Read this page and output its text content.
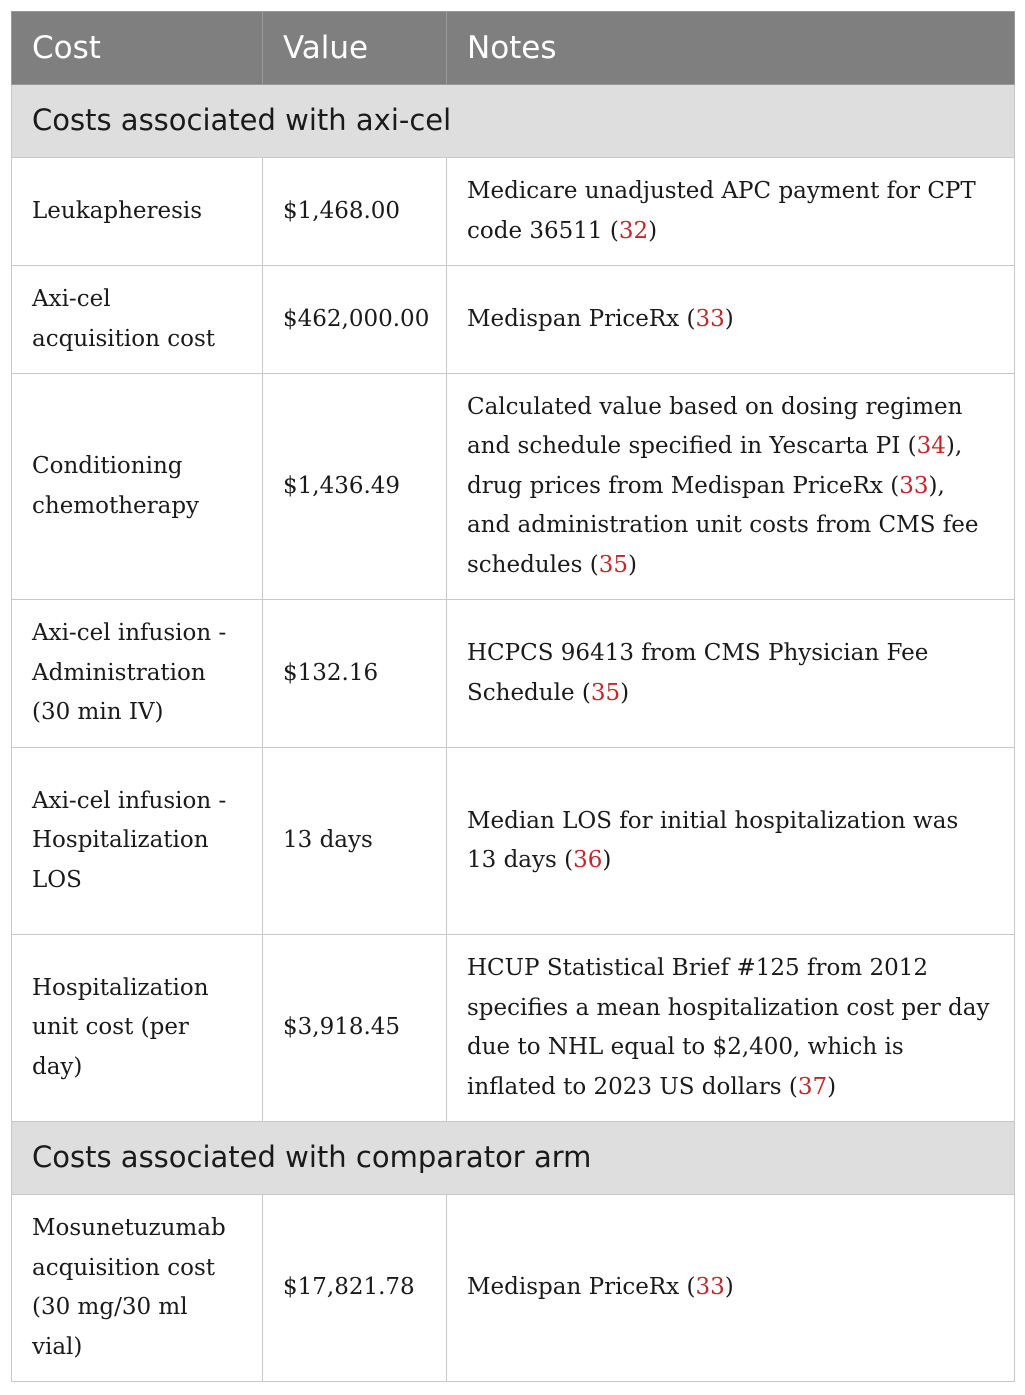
Cost	Value	Notes
Costs associated with axi-cel		
Leukapheresis	$1,468.00	Medicare unadjusted APC payment for CPT code 36511 (32)
Axi-cel acquisition cost	$462,000.00	Medispan PriceRx (33)
Conditioning chemotherapy	$1,436.49	Calculated value based on dosing regimen and schedule specified in Yescarta PI (34), drug prices from Medispan PriceRx (33), and administration unit costs from CMS fee schedules (35)
Axi-cel infusion - Administration (30 min IV)	$132.16	HCPCS 96413 from CMS Physician Fee Schedule (35)
Axi-cel infusion - Hospitalization LOS	13 days	Median LOS for initial hospitalization was 13 days (36)
Hospitalization unit cost (per day)	$3,918.45	HCUP Statistical Brief #125 from 2012 specifies a mean hospitalization cost per day due to NHL equal to $2,400, which is inflated to 2023 US dollars (37)
Costs associated with comparator arm		
Mosunetuzumab acquisition cost (30 mg/30 ml vial)	$17,821.78	Medispan PriceRx (33)
